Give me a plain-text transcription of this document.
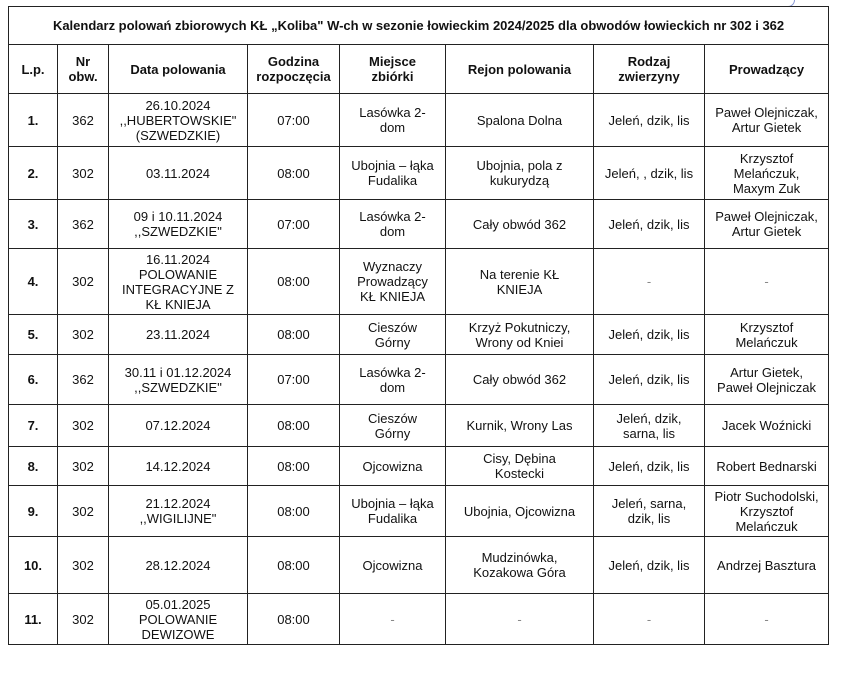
Kalendarz polowań zbiorowych KŁ „Koliba" W-ch w sezonie łowieckim 2024/2025 dla obwodów łowieckich nr 302 i 362							
L.p.	Nr
obw.	Data polowania	Godzina
rozpoczęcia	Miejsce
zbiórki	Rejon polowania	Rodzaj
zwierzyny	Prowadzący
1.	362	26.10.2024
,,HUBERTOWSKIE"
(SZWEDZKIE)	07:00	Lasówka 2-
dom	Spalona Dolna	Jeleń, dzik, lis	Paweł Olejniczak,
Artur Gietek
2.	302	03.11.2024	08:00	Ubojnia – łąka
Fudalika	Ubojnia, pola z
kukurydzą	Jeleń, , dzik, lis	Krzysztof
Melańczuk,
Maxym Zuk
3.	362	09 i 10.11.2024
,,SZWEDZKIE"	07:00	Lasówka 2-
dom	Cały obwód 362	Jeleń, dzik, lis	Paweł Olejniczak,
Artur Gietek
4.	302	16.11.2024
POLOWANIE
INTEGRACYJNE Z
KŁ KNIEJA	08:00	Wyznaczy
Prowadzący
KŁ KNIEJA	Na terenie KŁ
KNIEJA	-	-
5.	302	23.11.2024	08:00	Cieszów
Górny	Krzyż Pokutniczy,
Wrony od Kniei	Jeleń, dzik, lis	Krzysztof
Melańczuk
6.	362	30.11 i 01.12.2024
,,SZWEDZKIE"	07:00	Lasówka 2-
dom	Cały obwód 362	Jeleń, dzik, lis	Artur Gietek,
Paweł Olejniczak
7.	302	07.12.2024	08:00	Cieszów
Górny	Kurnik, Wrony Las	Jeleń, dzik,
sarna, lis	Jacek Woźnicki
8.	302	14.12.2024	08:00	Ojcowizna	Cisy, Dębina
Kostecki	Jeleń, dzik, lis	Robert Bednarski
9.	302	21.12.2024
,,WIGILIJNE"	08:00	Ubojnia – łąka
Fudalika	Ubojnia, Ojcowizna	Jeleń, sarna,
dzik, lis	Piotr Suchodolski,
Krzysztof
Melańczuk
10.	302	28.12.2024	08:00	Ojcowizna	Mudzinówka,
Kozakowa Góra	Jeleń, dzik, lis	Andrzej Basztura
11.	302	05.01.2025
POLOWANIE
DEWIZOWE	08:00	-	-	-	-
